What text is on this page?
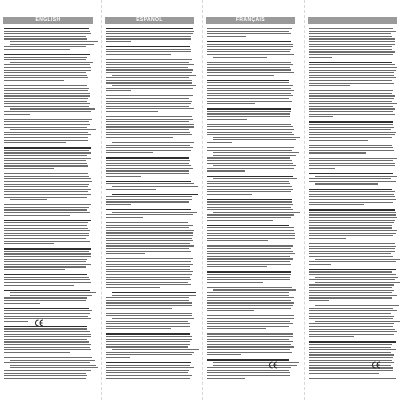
ENGLISH	ESPAÑOL	FRANÇAIS
